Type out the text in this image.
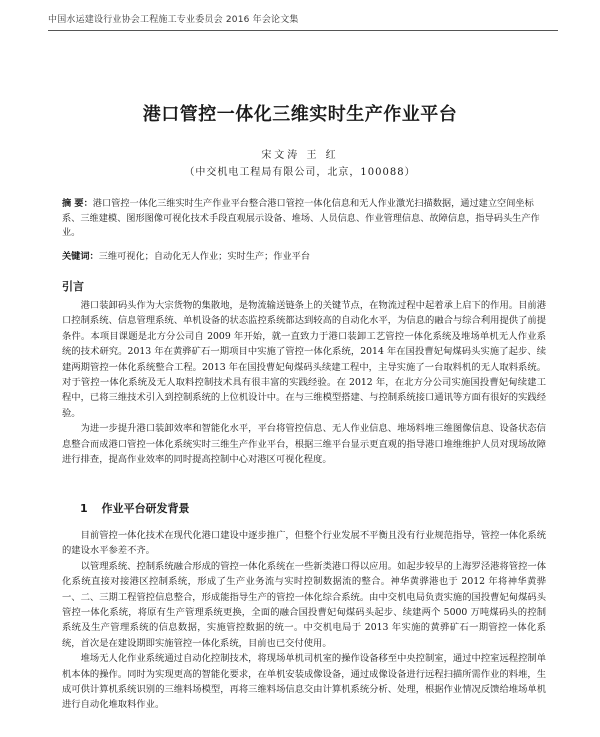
中国水运建设行业协会工程施工专业委员会 2016 年会论文集
港口管控一体化三维实时生产作业平台
宋文涛 王 红
（中交机电工程局有限公司，北京，100088）

摘 要：港口管控一体化三维实时生产作业平台整合港口管控一体化信息和无人作业激光扫描数据，通过建立空间坐标系、三维建模、图形图像可视化技术手段直观展示设备、堆场、人员信息、作业管理信息、故障信息，指导码头生产作业。

关键词：三维可视化；自动化无人作业；实时生产；作业平台
引言

港口装卸码头作为大宗货物的集散地，是物流输送链条上的关键节点，在物流过程中起着承上启下的作用。目前港口控制系统、信息管理系统、单机设备的状态监控系统都达到较高的自动化水平，为信息的融合与综合利用提供了前提条件。本项目课题是北方分公司自 2009 年开始，就一直致力于港口装卸工艺管控一体化系统及堆场单机无人作业系统的技术研究。2013 年在黄骅矿石一期项目中实施了管控一体化系统，2014 年在国投曹妃甸煤码头实施了起步、续建两期管控一体化系统整合工程。2013 年在国投曹妃甸煤码头续建工程中，主导实施了一台取料机的无人取料系统。对于管控一体化系统及无人取料控制技术具有很丰富的实践经验。在 2012 年，在北方分公司实施国投曹妃甸续建工程中，已将三维技术引入到控制系统的上位机设计中。在与三维模型搭建、与控制系统接口通讯等方面有很好的实践经验。

为进一步提升港口装卸效率和智能化水平，平台将管控信息、无人作业信息、堆场料堆三维图像信息、设备状态信息整合而成港口管控一体化系统实时三维生产作业平台，根据三维平台显示更直观的指导港口堆维维护人员对现场故障进行排查，提高作业效率的同时提高控制中心对港区可视化程度。

1 作业平台研发背景

目前管控一体化技术在现代化港口建设中逐步推广，但整个行业发展不平衡且没有行业规范指导，管控一体化系统的建设水平参差不齐。

以管理系统、控制系统融合形成的管控一体化系统在一些新类港口得以应用。如起步较早的上海罗泾港将管控一体化系统直接对接港区控制系统，形成了生产业务流与实时控制数据流的整合。神华黄骅港也于 2012 年将神华黄骅一、二、三期工程管控信息整合，形成能指导生产的管控一体化综合系统。由中交机电局负责实施的国投曹妃甸煤码头管控一体化系统，将原有生产管理系统更换，全面的融合国投曹妃甸煤码头起步、续建两个 5000 万吨煤码头的控制系统及生产管理系统的信息数据，实施管控数据的统一。中交机电局于 2013 年实施的黄骅矿石一期管控一体化系统，首次是在建设期即实施管控一体化系统，目前也已交付使用。

堆场无人化作业系统通过自动化控制技术，将现场单机司机室的操作设备移至中央控制室，通过中控室远程控制单机本体的操作。同时为实现更高的智能化要求，在单机安装成像设备，通过成像设备进行远程扫描所需作业的料堆，生成可供计算机系统识别的三维料场模型，再将三维料场信息交由计算机系统分析、处理，根据作业情况反馈给堆场单机进行自动化堆取料作业。
